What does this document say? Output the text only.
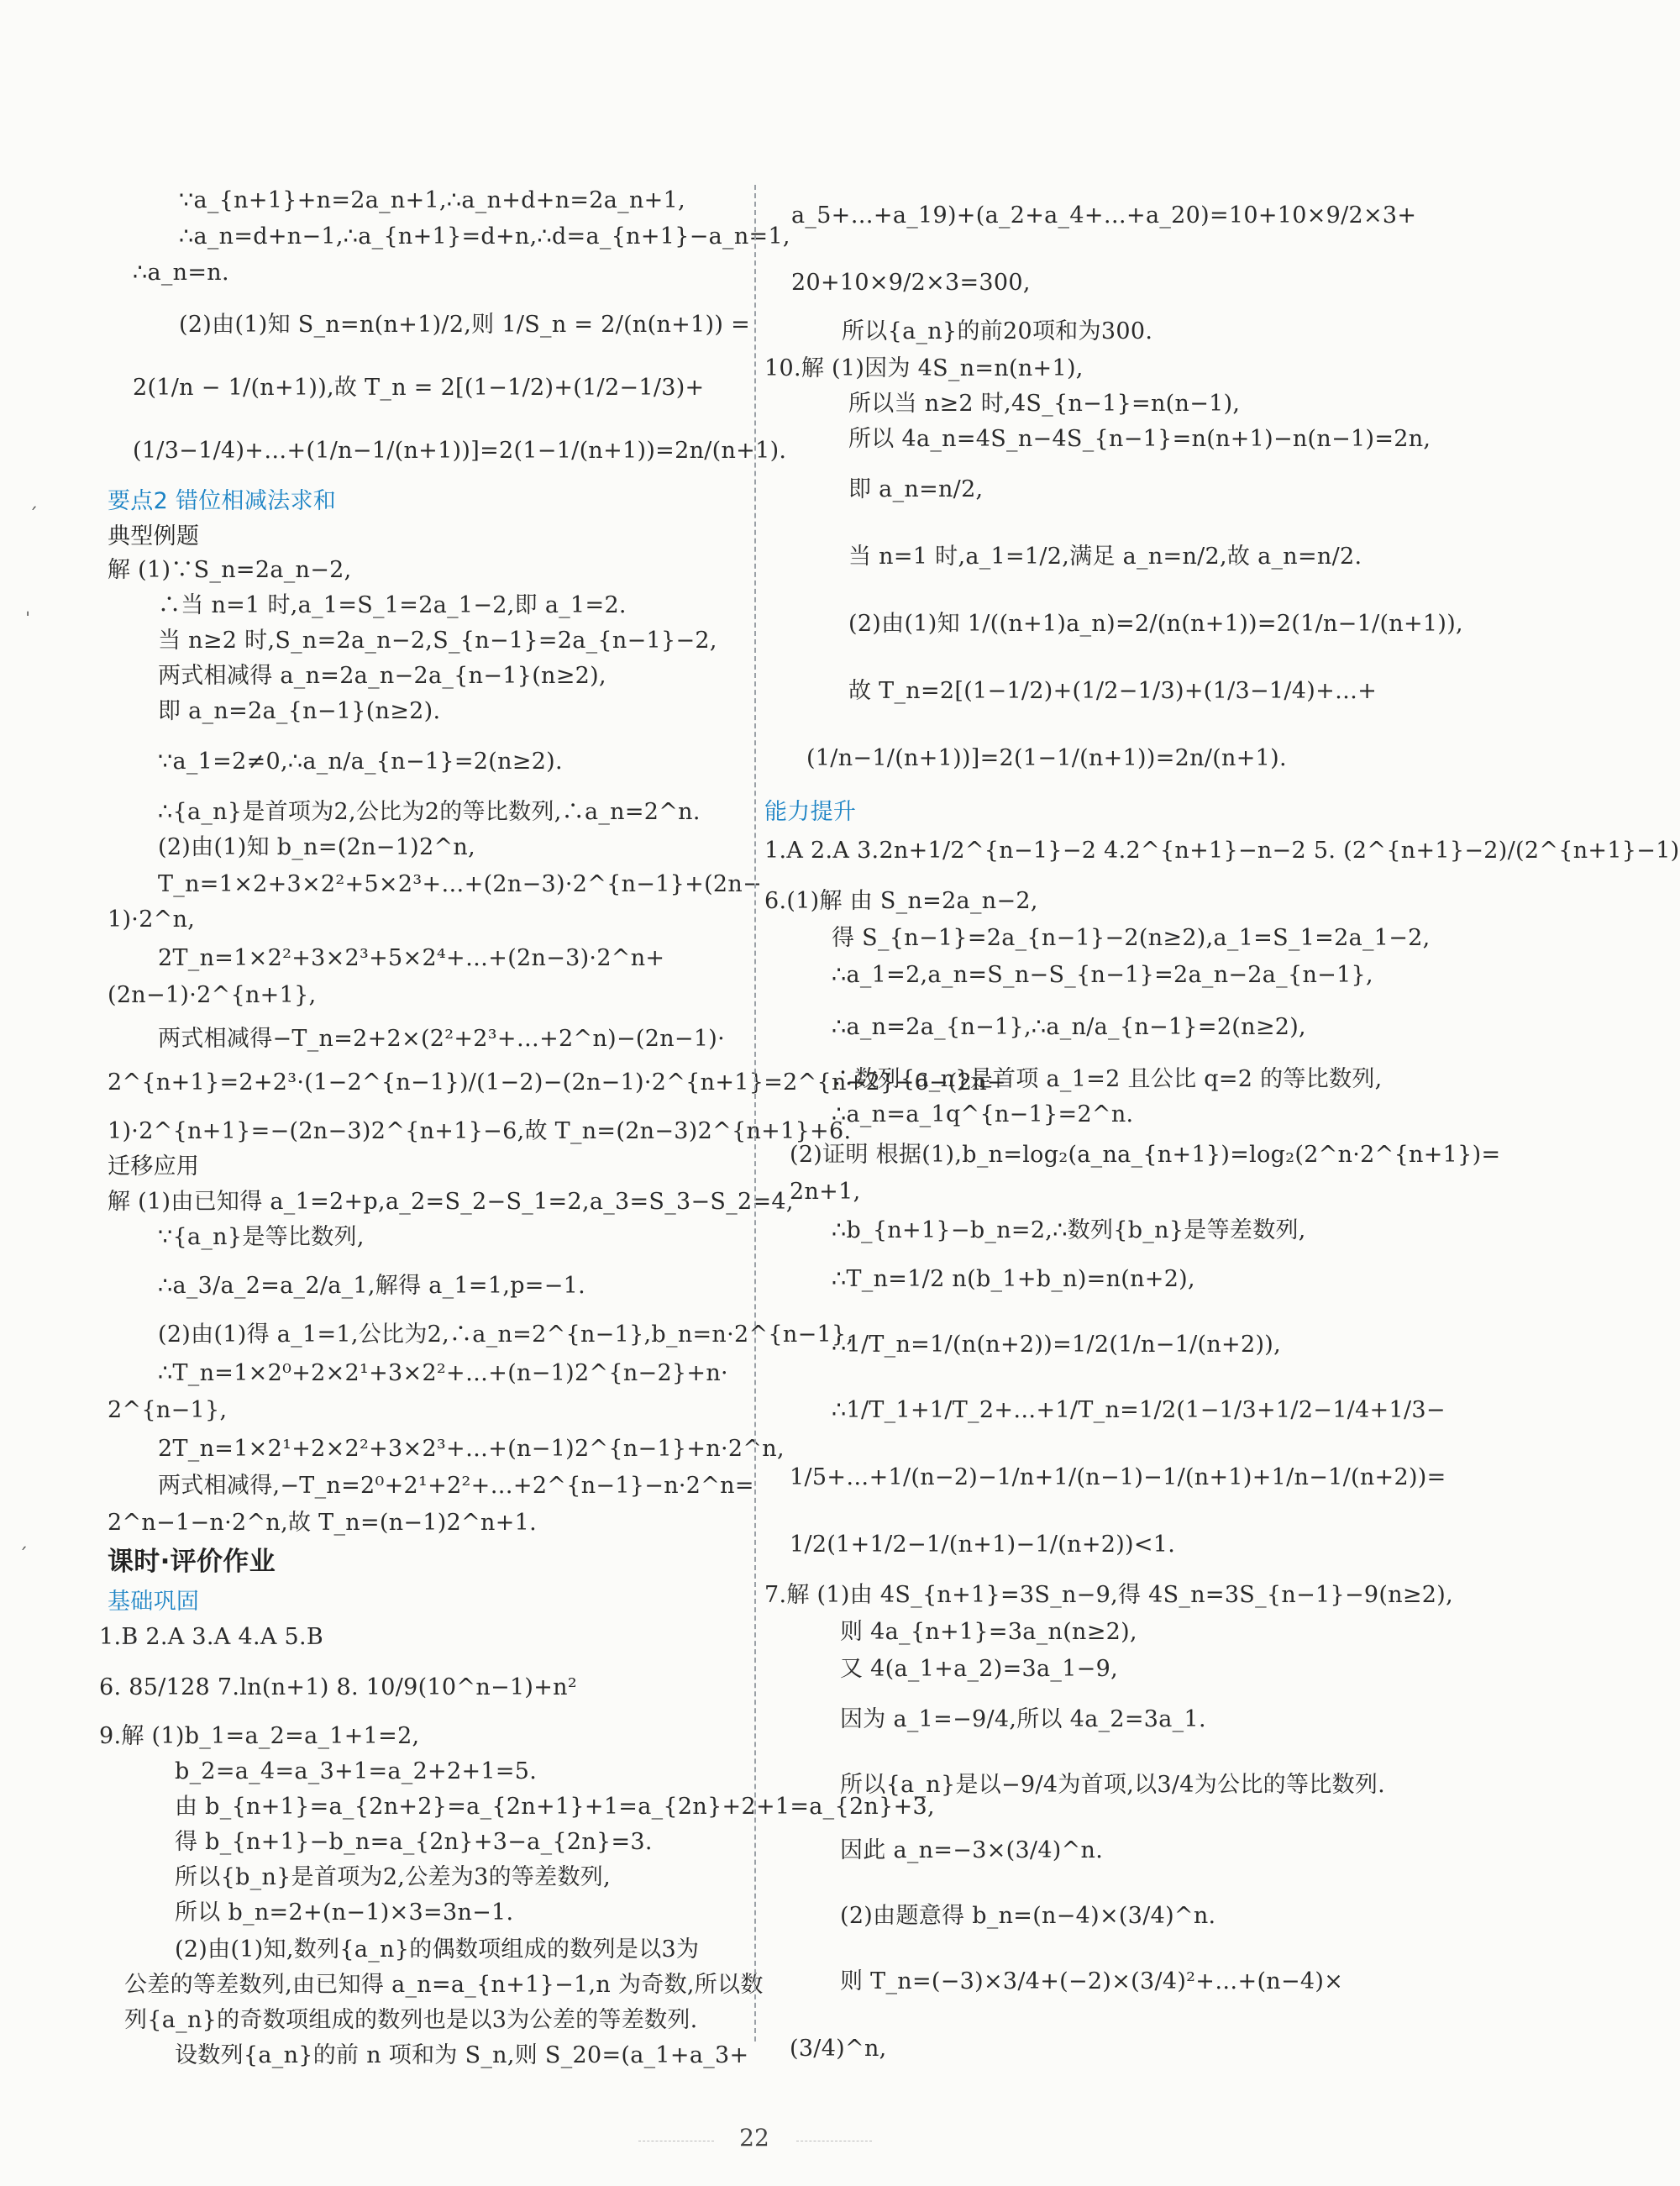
∵a_{n+1}+n=2a_n+1,∴a_n+d+n=2a_n+1,
∴a_n=d+n−1,∴a_{n+1}=d+n,∴d=a_{n+1}−a_n=1,
∴a_n=n.
(2)由(1)知 S_n=n(n+1)/2,则 1/S_n = 2/(n(n+1)) =
2(1/n − 1/(n+1)),故 T_n = 2[(1−1/2)+(1/2−1/3)+
(1/3−1/4)+…+(1/n−1/(n+1))]=2(1−1/(n+1))=2n/(n+1).
要点2 错位相减法求和
典型例题
解 (1)∵S_n=2a_n−2,
∴当 n=1 时,a_1=S_1=2a_1−2,即 a_1=2.
当 n≥2 时,S_n=2a_n−2,S_{n−1}=2a_{n−1}−2,
两式相减得 a_n=2a_n−2a_{n−1}(n≥2),
即 a_n=2a_{n−1}(n≥2).
∵a_1=2≠0,∴a_n/a_{n−1}=2(n≥2).
∴{a_n}是首项为2,公比为2的等比数列,∴a_n=2^n.
(2)由(1)知 b_n=(2n−1)2^n,
T_n=1×2+3×2²+5×2³+…+(2n−3)·2^{n−1}+(2n−
1)·2^n,
2T_n=1×2²+3×2³+5×2⁴+…+(2n−3)·2^n+
(2n−1)·2^{n+1},
两式相减得−T_n=2+2×(2²+2³+…+2^n)−(2n−1)·
2^{n+1}=2+2³·(1−2^{n−1})/(1−2)−(2n−1)·2^{n+1}=2^{n+2}−6−(2n−
1)·2^{n+1}=−(2n−3)2^{n+1}−6,故 T_n=(2n−3)2^{n+1}+6.
迁移应用
解 (1)由已知得 a_1=2+p,a_2=S_2−S_1=2,a_3=S_3−S_2=4,
∵{a_n}是等比数列,
∴a_3/a_2=a_2/a_1,解得 a_1=1,p=−1.
(2)由(1)得 a_1=1,公比为2,∴a_n=2^{n−1},b_n=n·2^{n−1},
∴T_n=1×2⁰+2×2¹+3×2²+…+(n−1)2^{n−2}+n·
2^{n−1},
2T_n=1×2¹+2×2²+3×2³+…+(n−1)2^{n−1}+n·2^n,
两式相减得,−T_n=2⁰+2¹+2²+…+2^{n−1}−n·2^n=
2^n−1−n·2^n,故 T_n=(n−1)2^n+1.
课时·评价作业
基础巩固
1.B 2.A 3.A 4.A 5.B
6. 85/128 7.ln(n+1) 8. 10/9(10^n−1)+n²
9.解 (1)b_1=a_2=a_1+1=2,
b_2=a_4=a_3+1=a_2+2+1=5.
由 b_{n+1}=a_{2n+2}=a_{2n+1}+1=a_{2n}+2+1=a_{2n}+3,
得 b_{n+1}−b_n=a_{2n}+3−a_{2n}=3.
所以{b_n}是首项为2,公差为3的等差数列,
所以 b_n=2+(n−1)×3=3n−1.
(2)由(1)知,数列{a_n}的偶数项组成的数列是以3为
公差的等差数列,由已知得 a_n=a_{n+1}−1,n 为奇数,所以数
列{a_n}的奇数项组成的数列也是以3为公差的等差数列.
设数列{a_n}的前 n 项和为 S_n,则 S_20=(a_1+a_3+
a_5+…+a_19)+(a_2+a_4+…+a_20)=10+10×9/2×3+
20+10×9/2×3=300,
所以{a_n}的前20项和为300.
10.解 (1)因为 4S_n=n(n+1),
所以当 n≥2 时,4S_{n−1}=n(n−1),
所以 4a_n=4S_n−4S_{n−1}=n(n+1)−n(n−1)=2n,
即 a_n=n/2,
当 n=1 时,a_1=1/2,满足 a_n=n/2,故 a_n=n/2.
(2)由(1)知 1/((n+1)a_n)=2/(n(n+1))=2(1/n−1/(n+1)),
故 T_n=2[(1−1/2)+(1/2−1/3)+(1/3−1/4)+…+
(1/n−1/(n+1))]=2(1−1/(n+1))=2n/(n+1).
能力提升
1.A 2.A 3.2n+1/2^{n−1}−2 4.2^{n+1}−n−2 5. (2^{n+1}−2)/(2^{n+1}−1)
6.(1)解 由 S_n=2a_n−2,
得 S_{n−1}=2a_{n−1}−2(n≥2),a_1=S_1=2a_1−2,
∴a_1=2,a_n=S_n−S_{n−1}=2a_n−2a_{n−1},
∴a_n=2a_{n−1},∴a_n/a_{n−1}=2(n≥2),
∴数列{a_n}是首项 a_1=2 且公比 q=2 的等比数列,
∴a_n=a_1q^{n−1}=2^n.
(2)证明 根据(1),b_n=log₂(a_na_{n+1})=log₂(2^n·2^{n+1})=
2n+1,
∴b_{n+1}−b_n=2,∴数列{b_n}是等差数列,
∴T_n=1/2 n(b_1+b_n)=n(n+2),
∴1/T_n=1/(n(n+2))=1/2(1/n−1/(n+2)),
∴1/T_1+1/T_2+…+1/T_n=1/2(1−1/3+1/2−1/4+1/3−
1/5+…+1/(n−2)−1/n+1/(n−1)−1/(n+1)+1/n−1/(n+2))=
1/2(1+1/2−1/(n+1)−1/(n+2))<1.
7.解 (1)由 4S_{n+1}=3S_n−9,得 4S_n=3S_{n−1}−9(n≥2),
则 4a_{n+1}=3a_n(n≥2),
又 4(a_1+a_2)=3a_1−9,
因为 a_1=−9/4,所以 4a_2=3a_1.
所以{a_n}是以−9/4为首项,以3/4为公比的等比数列.
因此 a_n=−3×(3/4)^n.
(2)由题意得 b_n=(n−4)×(3/4)^n.
则 T_n=(−3)×3/4+(−2)×(3/4)²+…+(n−4)×
(3/4)^n,
ˊ
ˈ
ˊ
22
